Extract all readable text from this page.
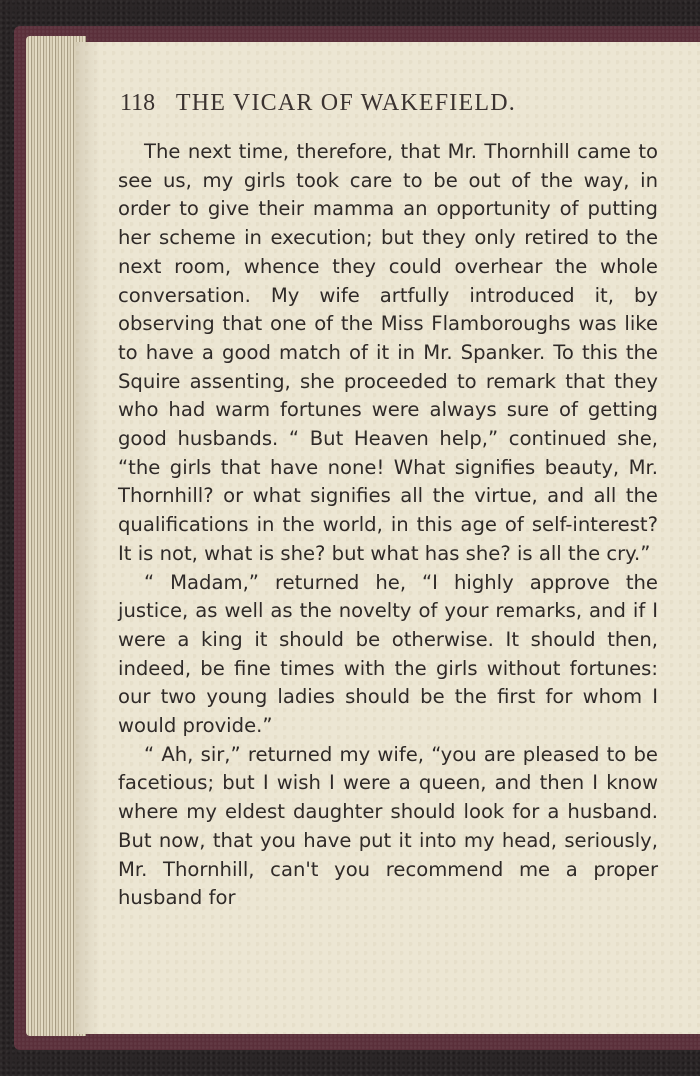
118 THE VICAR OF WAKEFIELD.

The next time, therefore, that Mr. Thornhill came to see us, my girls took care to be out of the way, in order to give their mamma an opportunity of putting her scheme in execution; but they only retired to the next room, whence they could overhear the whole conversation. My wife artfully introduced it, by observing that one of the Miss Flamboroughs was like to have a good match of it in Mr. Spanker. To this the Squire assenting, she proceeded to remark that they who had warm fortunes were always sure of getting good husbands. “ But Heaven help,” continued she, “the girls that have none! What signifies beauty, Mr. Thornhill? or what signifies all the virtue, and all the qualifications in the world, in this age of self-interest? It is not, what is she? but what has she? is all the cry.”

“ Madam,” returned he, “I highly approve the justice, as well as the novelty of your remarks, and if I were a king it should be otherwise. It should then, indeed, be fine times with the girls without fortunes: our two young ladies should be the first for whom I would provide.”

“ Ah, sir,” returned my wife, “you are pleased to be facetious; but I wish I were a queen, and then I know where my eldest daughter should look for a husband. But now, that you have put it into my head, seriously, Mr. Thornhill, can't you recommend me a proper husband for
